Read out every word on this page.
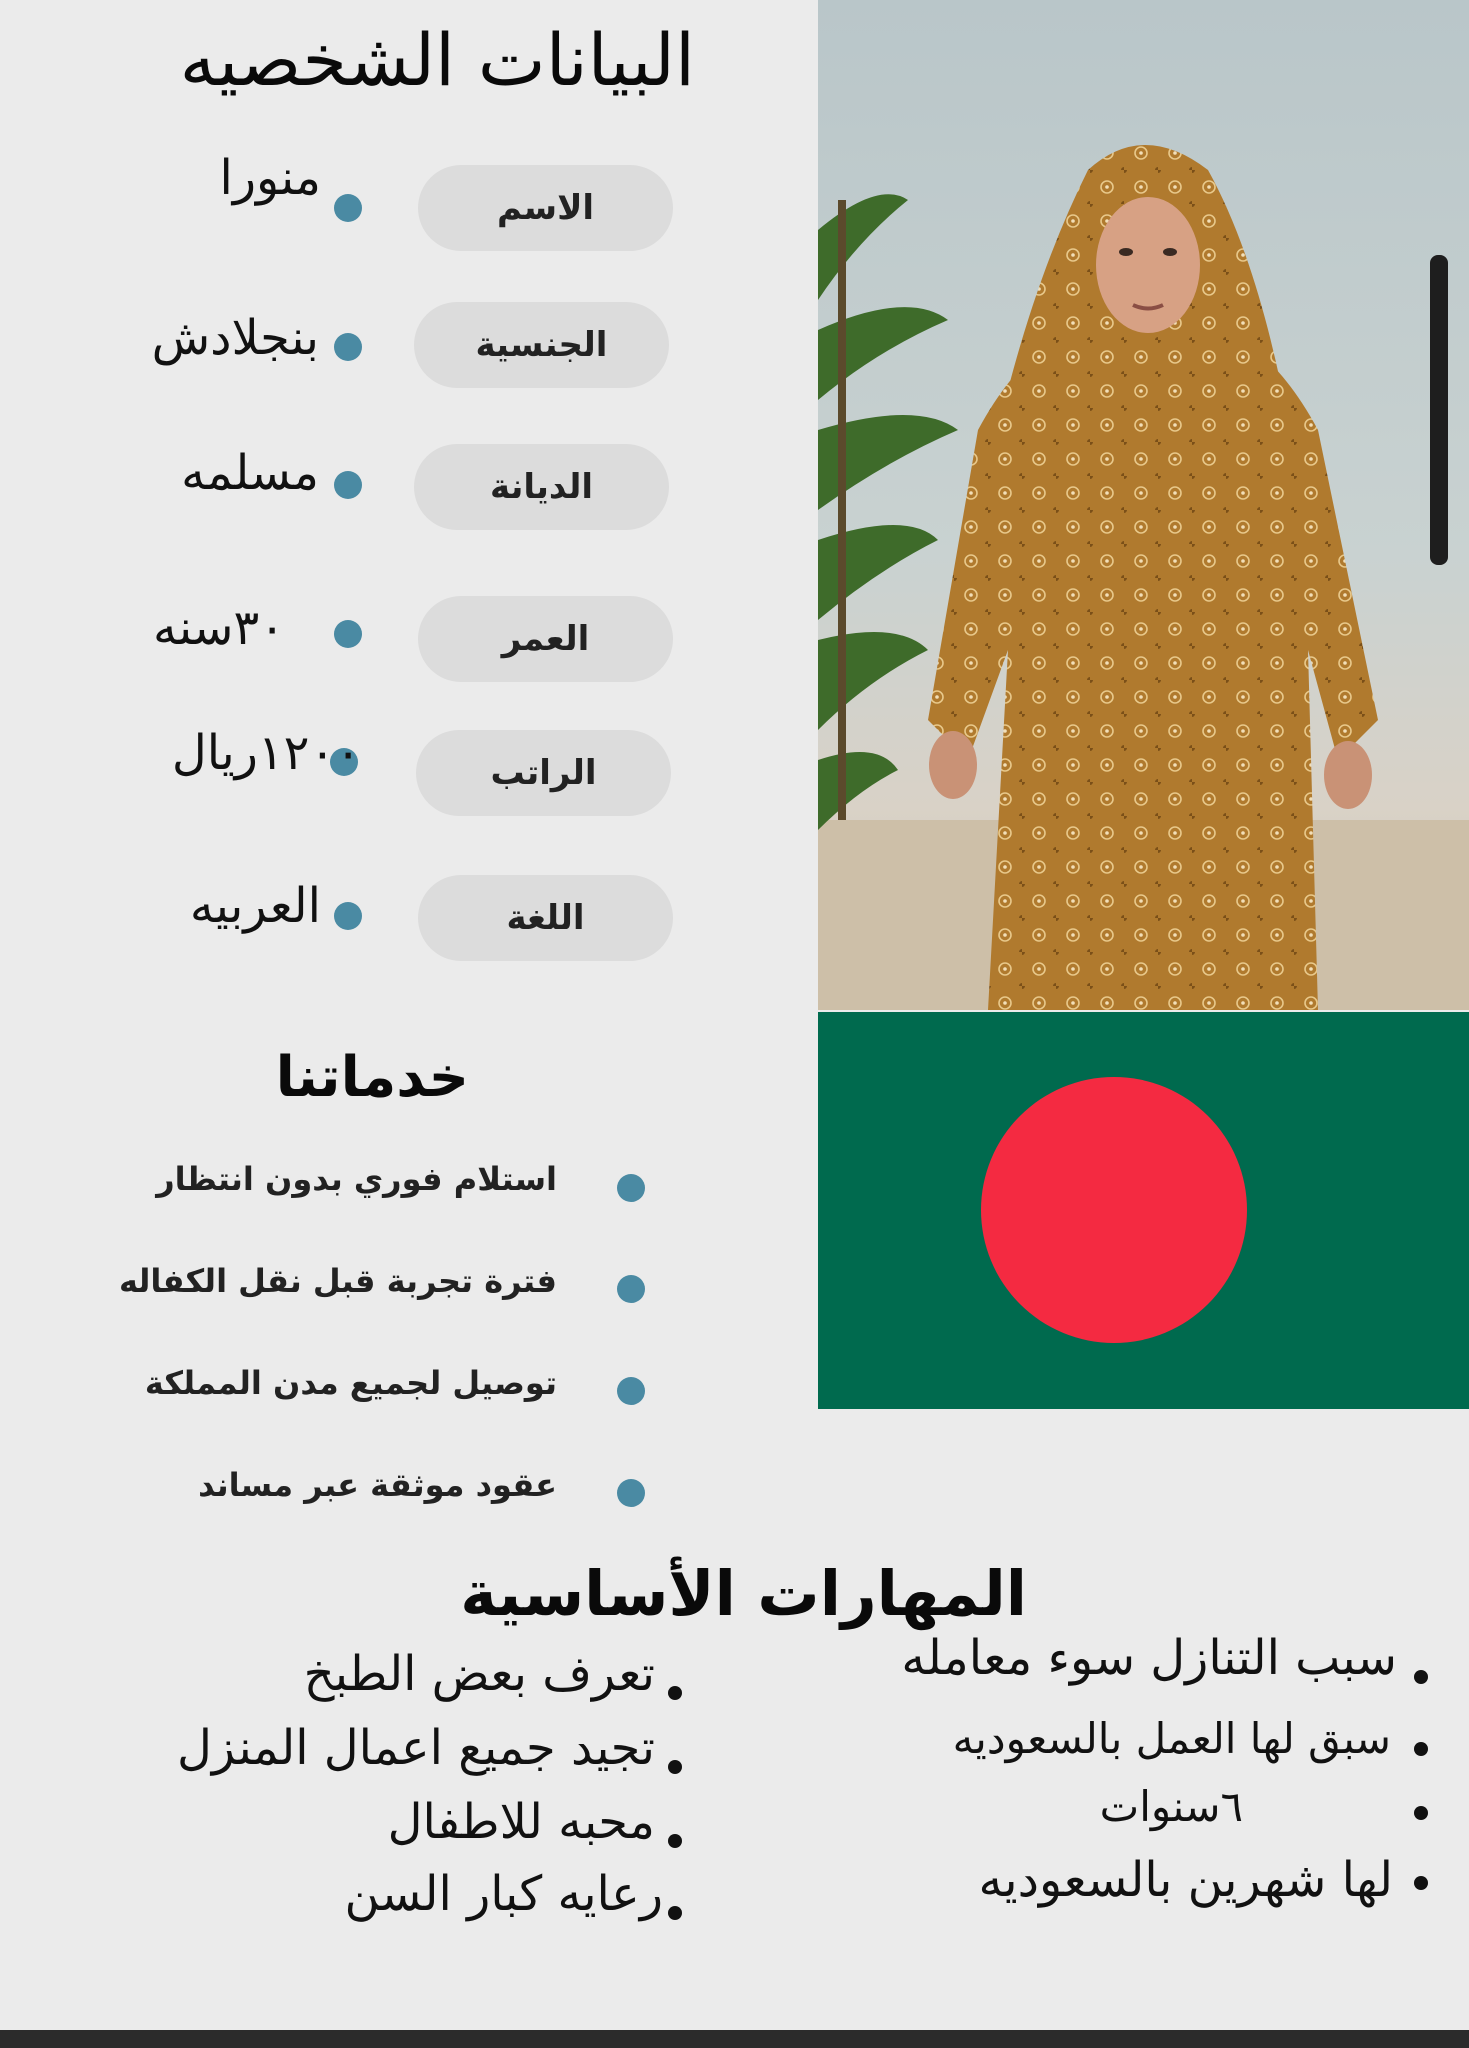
البيانات الشخصيه
الاسم
منورا
الجنسية
بنجلادش
الديانة
مسلمه
العمر
٣٠سنه
الراتب
١٢٠٠ريال
اللغة
العربيه
خدماتنا
استلام فوري بدون انتظار
فترة تجربة قبل نقل الكفاله
توصيل لجميع مدن المملكة
عقود موثقة عبر مساند
المهارات الأساسية
سبب التنازل سوء معامله
سبق لها العمل بالسعوديه
٦سنوات
لها شهرين بالسعوديه
تعرف بعض الطبخ
تجيد جميع اعمال المنزل
محبه للاطفال
رعايه كبار السن
